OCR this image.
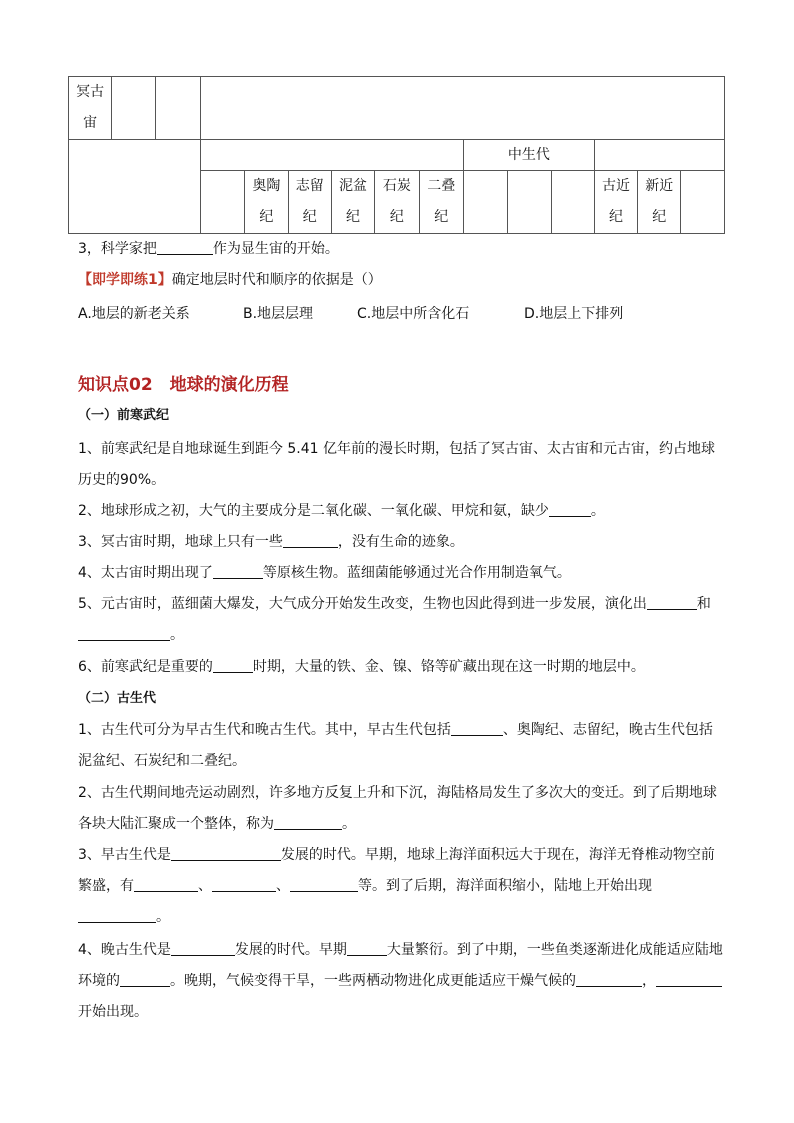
冥古宙														
									中生代					
				奥陶纪	志留纪	泥盆纪	石炭纪	二叠纪				古近纪	新近纪	

3，科学家把	作为显生宙的开始。

【即学即练1】确定地层时代和顺序的依据是（）

A.地层的新老关系	B.地层层理	C.地层中所含化石	D.地层上下排列
知识点02　地球的演化历程

（一）前寒武纪

1、前寒武纪是自地球诞生到距今 5.41 亿年前的漫长时期，包括了冥古宙、太古宙和元古宙，约占地球历史的90%。

2、地球形成之初，大气的主要成分是二氧化碳、一氧化碳、甲烷和氨，缺少	。

3、冥古宙时期，地球上只有一些	，没有生命的迹象。

4、太古宙时期出现了	等原核生物。蓝细菌能够通过光合作用制造氧气。

5、元古宙时，蓝细菌大爆发，大气成分开始发生改变，生物也因此得到进一步发展，演化出	和。

6、前寒武纪是重要的	时期，大量的铁、金、镍、铬等矿藏出现在这一时期的地层中。

（二）古生代

1、古生代可分为早古生代和晚古生代。其中，早古生代包括	、奥陶纪、志留纪，晚古生代包括泥盆纪、石炭纪和二叠纪。

2、古生代期间地壳运动剧烈，许多地方反复上升和下沉，海陆格局发生了多次大的变迁。到了后期地球各块大陆汇聚成一个整体，称为	。

3、早古生代是	发展的时代。早期，地球上海洋面积远大于现在，海洋无脊椎动物空前繁盛，有	、	、	等。到了后期，海洋面积缩小，陆地上开始出现。

4、晚古生代是	发展的时代。早期	大量繁衍。到了中期，一些鱼类逐渐进化成能适应陆地环境的	。晚期，气候变得干旱，一些两栖动物进化成更能适应干燥气候的	，开始出现。
